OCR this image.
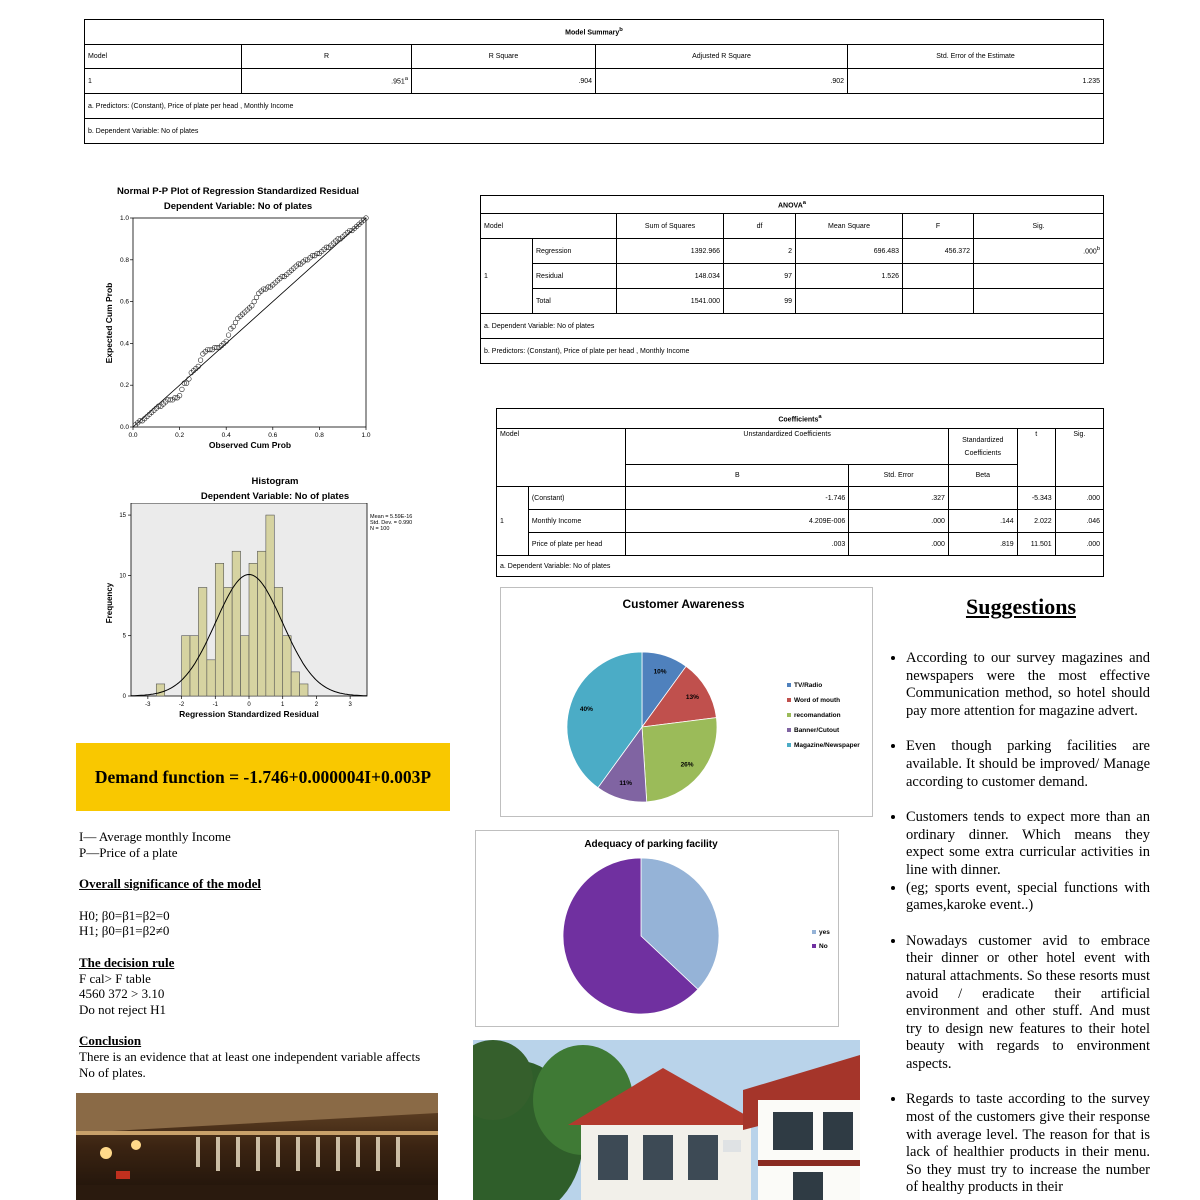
Model Summary$^b$
Model	R	R Square	Adjusted R Square	Std. Error of the Estimate
1	.951$^a$	.904	.902	1.235
a. Predictors: (Constant), Price of plate per head , Monthly Income				
b. Dependent Variable: No of plates				
Normal P-P Plot of Regression Standardized Residual
Dependent Variable: No of plates
0.0
0.0
0.2
0.2
0.4
0.4
0.6
0.6
0.8
0.8
1.0
1.0
Expected Cum Prob
Observed Cum Prob
Histogram
Dependent Variable: No of plates
-3	-2	-1	0	1	2	3
0
5
10
15	Mean = 5.59E-16
Std. Dev. = 0.990
N = 100
Frequency
Regression Standardized Residual
Demand function = -1.746+0.000004I+0.003P
I— Average monthly Income
P—Price of a plate
Overall significance of the model
H0; β0=β1=β2=0
H1; β0=β1=β2≠0
The decision rule
F cal> F table
4560 372 > 3.10
Do not reject H1
Conclusion
There is an evidence that at least one independent variable affects
No of plates.
ANOVA$^a$
Model		Sum of Squares	df	Mean Square	F	Sig.
1	Regression	1392.966	2	696.483	456.372	.000$^b$
	Residual	148.034	97	1.526		
	Total	1541.000	99			
a. Dependent Variable: No of plates						
b. Predictors: (Constant), Price of plate per head , Monthly Income						
Coefficients$^a$
Model		Unstandardized Coefficients		Standardized Coefficients	t	Sig.
		B	Std. Error	Beta		
1	(Constant)	-1.746	.327		-5.343	.000
	Monthly Income	4.209E-006	.000	.144	2.022	.046
	Price of plate per head	.003	.000	.819	11.501	.000
a. Dependent Variable: No of plates						
Customer Awareness
10%
13%
26%
11%
40%
TV/Radio
Word of mouth
recomandation
Banner/Cutout
Magazine/Newspaper
Adequacy of parking facility
yes
No
Suggestions
• According to our survey magazines and newspapers were the most effective Communication method, so hotel should pay more attention for magazine advert.
• Even though parking facilities are available. It should be improved/ Manage according to customer demand.
• Customers tends to expect more than an ordinary dinner. Which means they expect some extra curricular activities in line with dinner.
• (eg; sports event, special functions with games,karoke event..)
• Nowadays customer avid to embrace their dinner or other hotel event with natural attachments. So these resorts must avoid / eradicate their artificial environment and other stuff. And must try to design new features to their hotel beauty with regards to environment aspects.
• Regards to taste according to the survey most of the customers give their response with average level. The reason for that is lack of healthier products in their menu. So they must try to increase the number of healthy products in their
